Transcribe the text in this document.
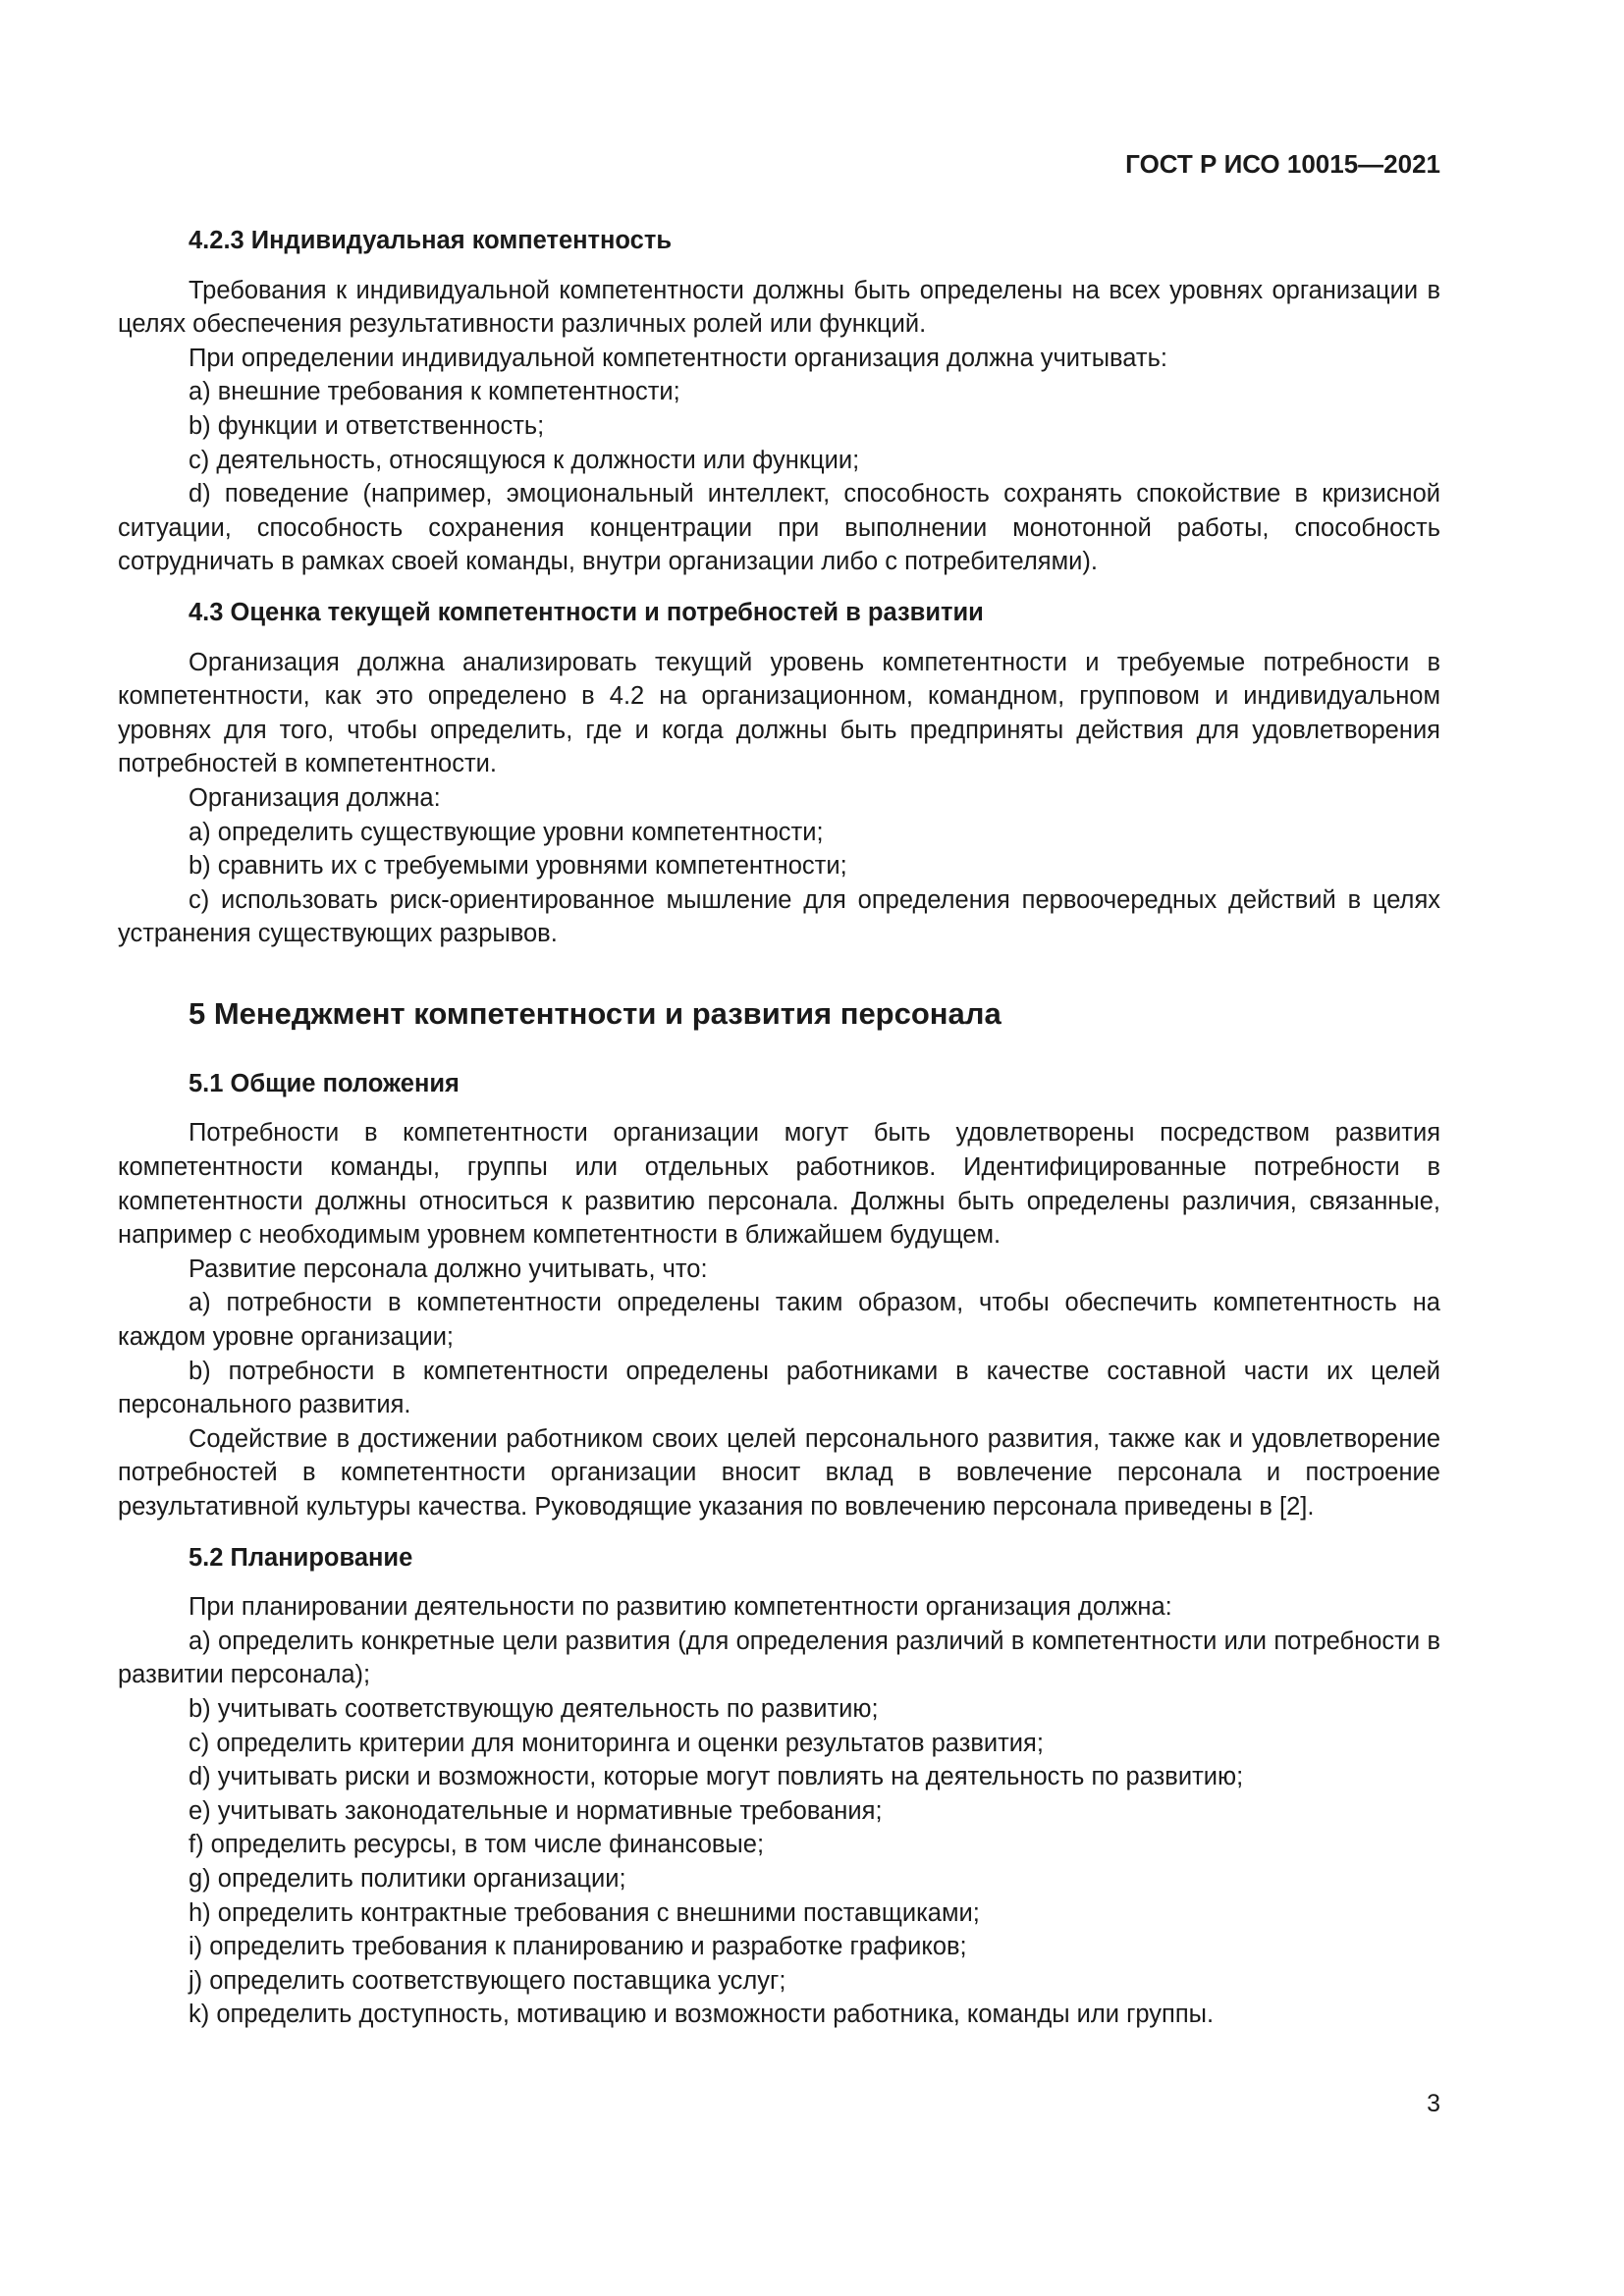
ГОСТ Р ИСО 10015—2021
4.2.3 Индивидуальная компетентность

Требования к индивидуальной компетентности должны быть определены на всех уровнях организации в целях обеспечения результативности различных ролей или функций.

При определении индивидуальной компетентности организация должна учитывать:

a) внешние требования к компетентности;

b) функции и ответственность;

c) деятельность, относящуюся к должности или функции;

d) поведение (например, эмоциональный интеллект, способность сохранять спокойствие в кризисной ситуации, способность сохранения концентрации при выполнении монотонной работы, способность сотрудничать в рамках своей команды, внутри организации либо с потребителями).

4.3 Оценка текущей компетентности и потребностей в развитии

Организация должна анализировать текущий уровень компетентности и требуемые потребности в компетентности, как это определено в 4.2 на организационном, командном, групповом и индивидуальном уровнях для того, чтобы определить, где и когда должны быть предприняты действия для удовлетворения потребностей в компетентности.

Организация должна:

a) определить существующие уровни компетентности;

b) сравнить их с требуемыми уровнями компетентности;

c) использовать риск-ориентированное мышление для определения первоочередных действий в целях устранения существующих разрывов.

5 Менеджмент компетентности и развития персонала
5.1 Общие положения

Потребности в компетентности организации могут быть удовлетворены посредством развития компетентности команды, группы или отдельных работников. Идентифицированные потребности в компетентности должны относиться к развитию персонала. Должны быть определены различия, связанные, например с необходимым уровнем компетентности в ближайшем будущем.

Развитие персонала должно учитывать, что:

a) потребности в компетентности определены таким образом, чтобы обеспечить компетентность на каждом уровне организации;

b) потребности в компетентности определены работниками в качестве составной части их целей персонального развития.

Содействие в достижении работником своих целей персонального развития, также как и удовлетворение потребностей в компетентности организации вносит вклад в вовлечение персонала и построение результативной культуры качества. Руководящие указания по вовлечению персонала приведены в [2].

5.2 Планирование

При планировании деятельности по развитию компетентности организация должна:

a) определить конкретные цели развития (для определения различий в компетентности или потребности в развитии персонала);

b) учитывать соответствующую деятельность по развитию;

c) определить критерии для мониторинга и оценки результатов развития;

d) учитывать риски и возможности, которые могут повлиять на деятельность по развитию;

e) учитывать законодательные и нормативные требования;

f) определить ресурсы, в том числе финансовые;

g) определить политики организации;

h) определить контрактные требования с внешними поставщиками;

i) определить требования к планированию и разработке графиков;

j) определить соответствующего поставщика услуг;

k) определить доступность, мотивацию и возможности работника, команды или группы.

3
